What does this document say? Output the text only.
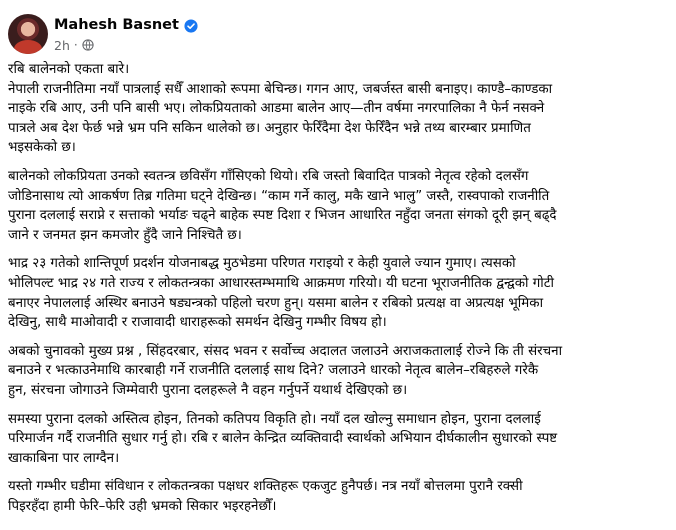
Mahesh Basnet
2h ·
रबि बालेनको एकता बारे।
नेपाली राजनीतिमा नयाँ पात्रलाई सधैँ आशाको रूपमा बेचिन्छ। गगन आए, जबर्जस्त बासी बनाइए। काण्डै–काण्डका
नाइके रबि आए, उनी पनि बासी भए। लोकप्रियताको आडमा बालेन आए—तीन वर्षमा नगरपालिका नै फेर्न नसक्ने
पात्रले अब देश फेर्छ भन्ने भ्रम पनि सकिन थालेको छ। अनुहार फेरिँदैमा देश फेरिँदैन भन्ने तथ्य बारम्बार प्रमाणित
भइसकेको छ।
बालेनको लोकप्रियता उनको स्वतन्त्र छविसँग गाँसिएको थियो। रबि जस्तो बिवादित पात्रको नेतृत्व रहेको दलसँग
जोडिनासाथ त्यो आकर्षण तिब्र गतिमा घट्ने देखिन्छ। “काम गर्ने कालु, मकै खाने भालु” जस्तै, रास्वपाको राजनीति
पुराना दललाई सराप्ने र सत्ताको भर्याङ चढ्ने बाहेक स्पष्ट दिशा र भिजन आधारित नहुँदा जनता संगको दूरी झन् बढ्दै
जाने र जनमत झन कमजोर हुँदै जाने निश्चितै छ।
भाद्र २३ गतेको शान्तिपूर्ण प्रदर्शन योजनाबद्ध मुठभेडमा परिणत गराइयो र केही युवाले ज्यान गुमाए। त्यसको
भोलिपल्ट भाद्र २४ गते राज्य र लोकतन्त्रका आधारस्तम्भमाथि आक्रमण गरियो। यी घटना भूराजनीतिक द्वन्द्वको गोटी
बनाएर नेपाललाई अस्थिर बनाउने षड्यन्त्रको पहिलो चरण हुन्। यसमा बालेन र रबिको प्रत्यक्ष वा अप्रत्यक्ष भूमिका
देखिनु, साथै माओवादी र राजावादी धाराहरूको समर्थन देखिनु गम्भीर विषय हो।
अबको चुनावको मुख्य प्रश्न , सिंहदरबार, संसद भवन र सर्वोच्च अदालत जलाउने अराजकतालाई रोज्ने कि ती संरचना
बनाउने र भत्काउनेमाथि कारबाही गर्ने राजनीति दललाई साथ दिने? जलाउने धारको नेतृत्व बालेन–रबिहरुले गरेकै
हुन, संरचना जोगाउने जिम्मेवारी पुराना दलहरूले नै वहन गर्नुपर्ने यथार्थ देखिएको छ।
समस्या पुराना दलको अस्तित्व होइन, तिनको कतिपय विकृति हो। नयाँ दल खोल्नु समाधान होइन, पुराना दललाई
परिमार्जन गर्दै राजनीति सुधार गर्नु हो। रबि र बालेन केन्द्रित व्यक्तिवादी स्वार्थको अभियान दीर्घकालीन सुधारको स्पष्ट
खाकाबिना पार लाग्दैन।
यस्तो गम्भीर घडीमा संविधान र लोकतन्त्रका पक्षधर शक्तिहरू एकजुट हुनैपर्छ। नत्र नयाँ बोत्तलमा पुरानै रक्सी
पिइरहँदा हामी फेरि–फेरि उही भ्रमको सिकार भइरहनेछौँ।
